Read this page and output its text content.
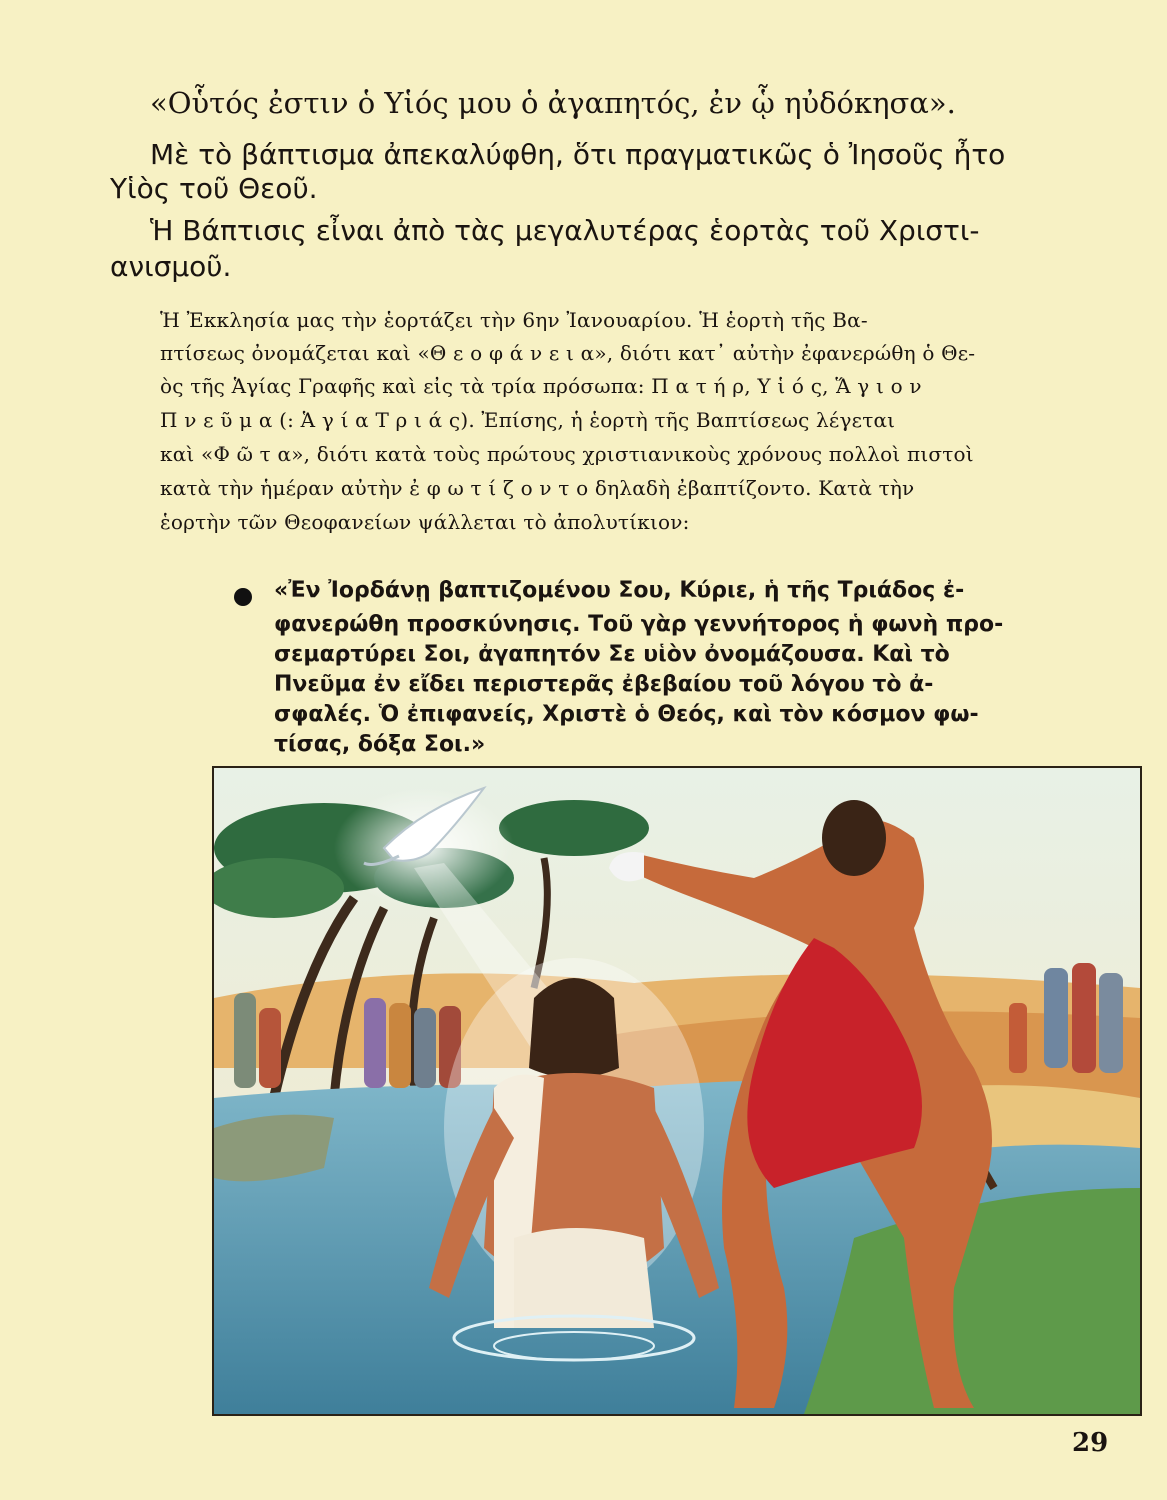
«Οὗτός ἐστιν ὁ Υἱός μου ὁ ἀγαπητός, ἐν ᾧ ηὐδόκησα».
Μὲ τὸ βάπτισμα ἀπεκαλύφθη, ὅτι πραγματικῶς ὁ Ἰησοῦς ἦτο
Υἱὸς τοῦ Θεοῦ.
Ἡ Βάπτισις εἶναι ἀπὸ τὰς μεγαλυτέρας ἑορτὰς τοῦ Χριστι-
ανισμοῦ.
Ἡ Ἐκκλησία μας τὴν ἑορτάζει τὴν 6ην Ἰανουαρίου. Ἡ ἑορτὴ τῆς Βα-
πτίσεως ὀνομάζεται καὶ «Θ ε ο φ ά ν ε ι α», διότι κατ᾽ αὐτὴν ἐφανερώθη ὁ Θε-
ὸς τῆς Ἁγίας Γραφῆς καὶ εἰς τὰ τρία πρόσωπα: Π α τ ή ρ, Υ ἱ ό ς, Ἅ γ ι ο ν
Π ν ε ῦ μ α (: Ἁ γ ί α Τ ρ ι ά ς). Ἐπίσης, ἡ ἑορτὴ τῆς Βαπτίσεως λέγεται
καὶ «Φ ῶ τ α», διότι κατὰ τοὺς πρώτους χριστιανικοὺς χρόνους πολλοὶ πιστοὶ
κατὰ τὴν ἡμέραν αὐτὴν ἐ φ ω τ ί ζ ο ν τ ο δηλαδὴ ἐβαπτίζοντο. Κατὰ τὴν
ἑορτὴν τῶν Θεοφανείων ψάλλεται τὸ ἀπολυτίκιον:
«Ἐν Ἰορδάνῃ βαπτιζομένου Σου, Κύριε, ἡ τῆς Τριάδος ἐ-
φανερώθη προσκύνησις. Τοῦ γὰρ γεννήτορος ἡ φωνὴ προ-
σεμαρτύρει Σοι, ἀγαπητόν Σε υἱὸν ὀνομάζουσα. Καὶ τὸ
Πνεῦμα ἐν εἴδει περιστερᾶς ἐβεβαίου τοῦ λόγου τὸ ἀ-
σφαλές. Ὁ ἐπιφανείς, Χριστὲ ὁ Θεός, καὶ τὸν κόσμον φω-
τίσας, δόξα Σοι.»
29
